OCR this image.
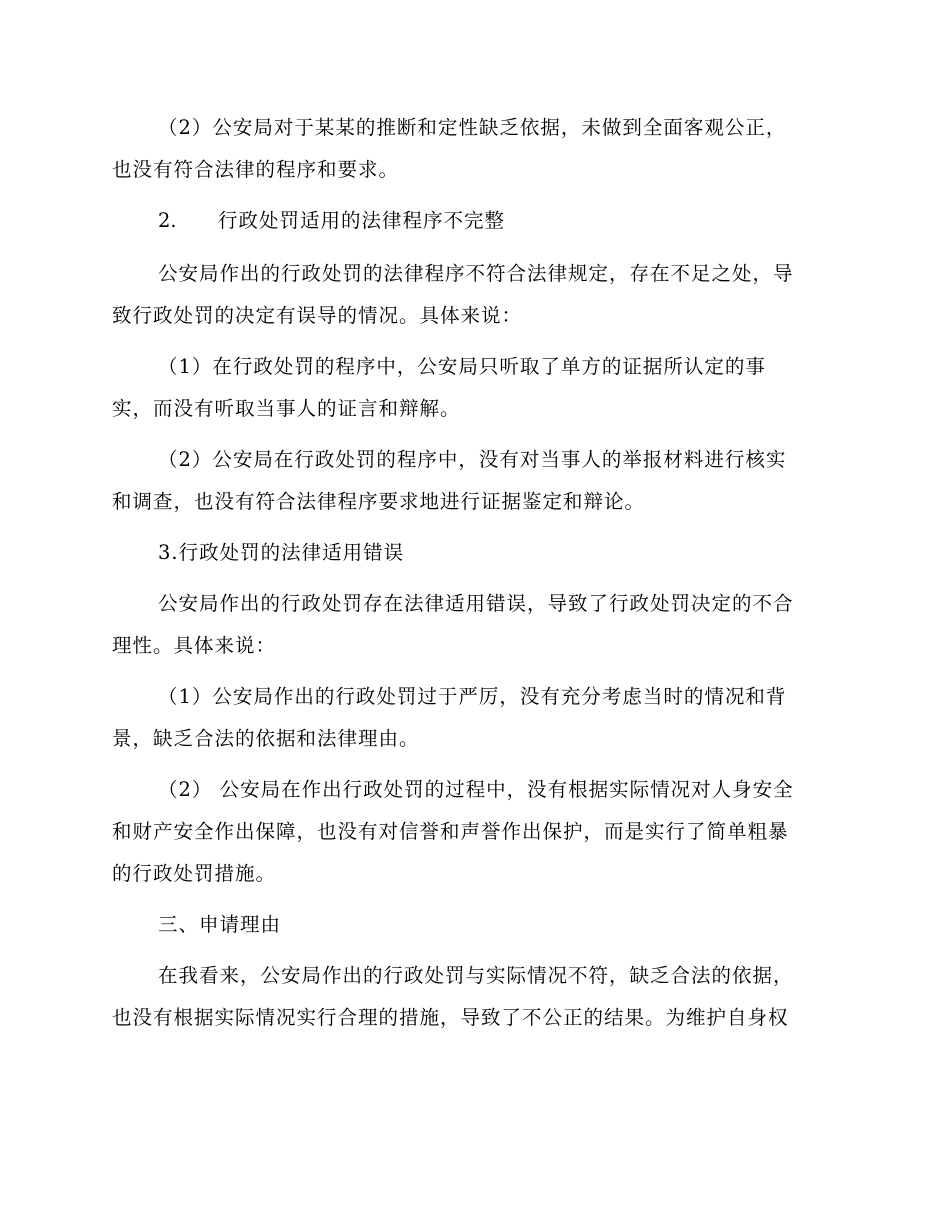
（2）公安局对于某某的推断和定性缺乏依据，未做到全面客观公正，
也没有符合法律的程序和要求。
2. 行政处罚适用的法律程序不完整
公安局作出的行政处罚的法律程序不符合法律规定，存在不足之处，导
致行政处罚的决定有误导的情况。具体来说：
（1）在行政处罚的程序中，公安局只听取了单方的证据所认定的事
实，而没有听取当事人的证言和辩解。
（2）公安局在行政处罚的程序中，没有对当事人的举报材料进行核实
和调查，也没有符合法律程序要求地进行证据鉴定和辩论。
3.行政处罚的法律适用错误
公安局作出的行政处罚存在法律适用错误，导致了行政处罚决定的不合
理性。具体来说：
（1）公安局作出的行政处罚过于严厉，没有充分考虑当时的情况和背
景，缺乏合法的依据和法律理由。
（2） 公安局在作出行政处罚的过程中，没有根据实际情况对人身安全
和财产安全作出保障，也没有对信誉和声誉作出保护，而是实行了简单粗暴
的行政处罚措施。
三、申请理由
在我看来，公安局作出的行政处罚与实际情况不符，缺乏合法的依据，
也没有根据实际情况实行合理的措施，导致了不公正的结果。为维护自身权
